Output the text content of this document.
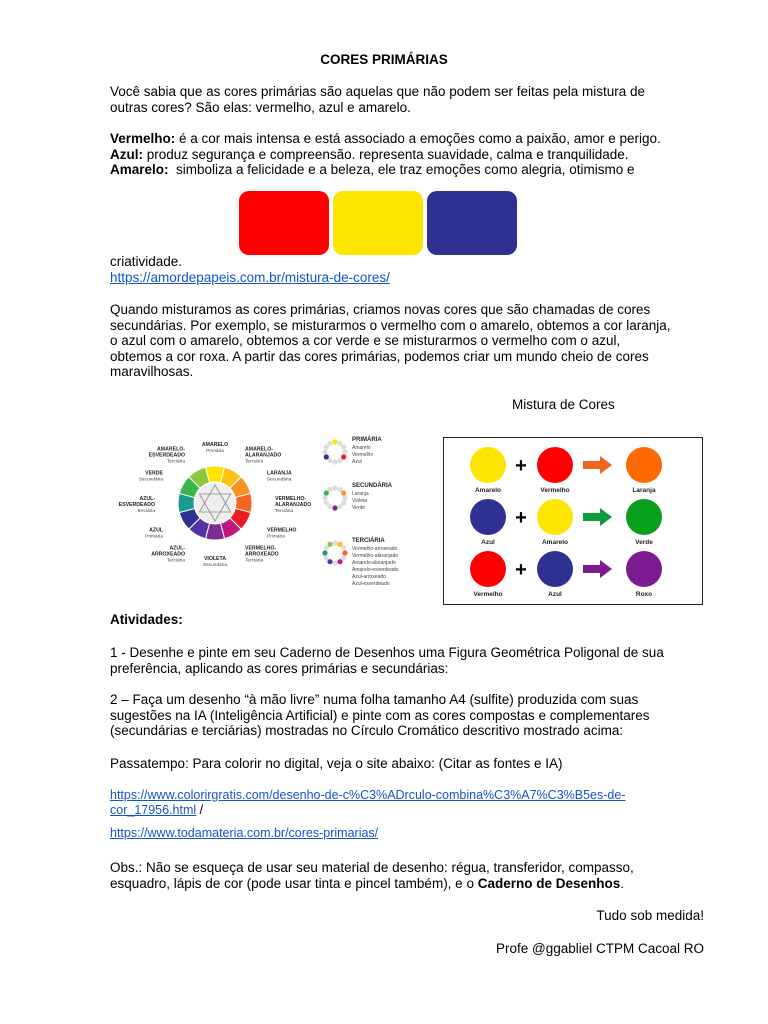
CORES PRIMÁRIAS
Você sabia que as cores primárias são aquelas que não podem ser feitas pela mistura de
outras cores? São elas: vermelho, azul e amarelo.
Vermelho: é a cor mais intensa e está associado a emoções como a paixão, amor e perigo.
Azul: produz segurança e compreensão. representa suavidade, calma e tranquilidade.
Amarelo:  simboliza a felicidade e a beleza, ele traz emoções como alegria, otimismo e
criatividade.
https://amordepapeis.com.br/mistura-de-cores/
Quando misturamos as cores primárias, criamos novas cores que são chamadas de cores
secundárias. Por exemplo, se misturarmos o vermelho com o amarelo, obtemos a cor laranja,
o azul com o amarelo, obtemos a cor verde e se misturarmos o vermelho com o azul,
obtemos a cor roxa. A partir das cores primárias, podemos criar um mundo cheio de cores
maravilhosas.
Mistura de Cores
AMARELO
Primária	AMARELO-
ALARANJADO
Terciária
LARANJA
Secundária
VERMELHO-
ALARANJADO
Terciária
VERMELHO
Primária
VERMELHO-
ARROXEADO
Terciária
VIOLETA
Secundária
AZUL-
ARROXEADO
Terciária
AZUL
Primária
AZUL-
ESVERDEADO
Terciária
VERDE
Secundária
AMARELO-
ESVERDEADO
Terciária
PRIMÁRIA
Amarelo
Vermelho
Azul
SECUNDÁRIA
Laranja
Violeta
Verde
TERCIÁRIA
Vermelho-arroxeado
Vermelho-alaranjado
Amarelo-alaranjado
Amarelo-esverdeado
Azul-arroxeado
Azul-esverdeado
+
Amarelo	Vermelho	Laranja
+
Azul	Amarelo	Verde
+
Vermelho	Azul	Roxo
Atividades:
1 - Desenhe e pinte em seu Caderno de Desenhos uma Figura Geométrica Poligonal de sua
preferência, aplicando as cores primárias e secundárias:
2 – Faça um desenho “à mão livre” numa folha tamanho A4 (sulfite) produzida com suas
sugestões na IA (Inteligência Artificial) e pinte com as cores compostas e complementares
(secundárias e terciárias) mostradas no Círculo Cromático descritivo mostrado acima:
Passatempo: Para colorir no digital, veja o site abaixo: (Citar as fontes e IA)
https://www.colorirgratis.com/desenho-de-c%C3%ADrculo-combina%C3%A7%C3%B5es-de-
cor_17956.html /
https://www.todamateria.com.br/cores-primarias/
Obs.: Não se esqueça de usar seu material de desenho: régua, transferidor, compasso,
esquadro, lápis de cor (pode usar tinta e pincel também), e o Caderno de Desenhos.
Tudo sob medida!
Profe @ggabliel CTPM Cacoal RO
